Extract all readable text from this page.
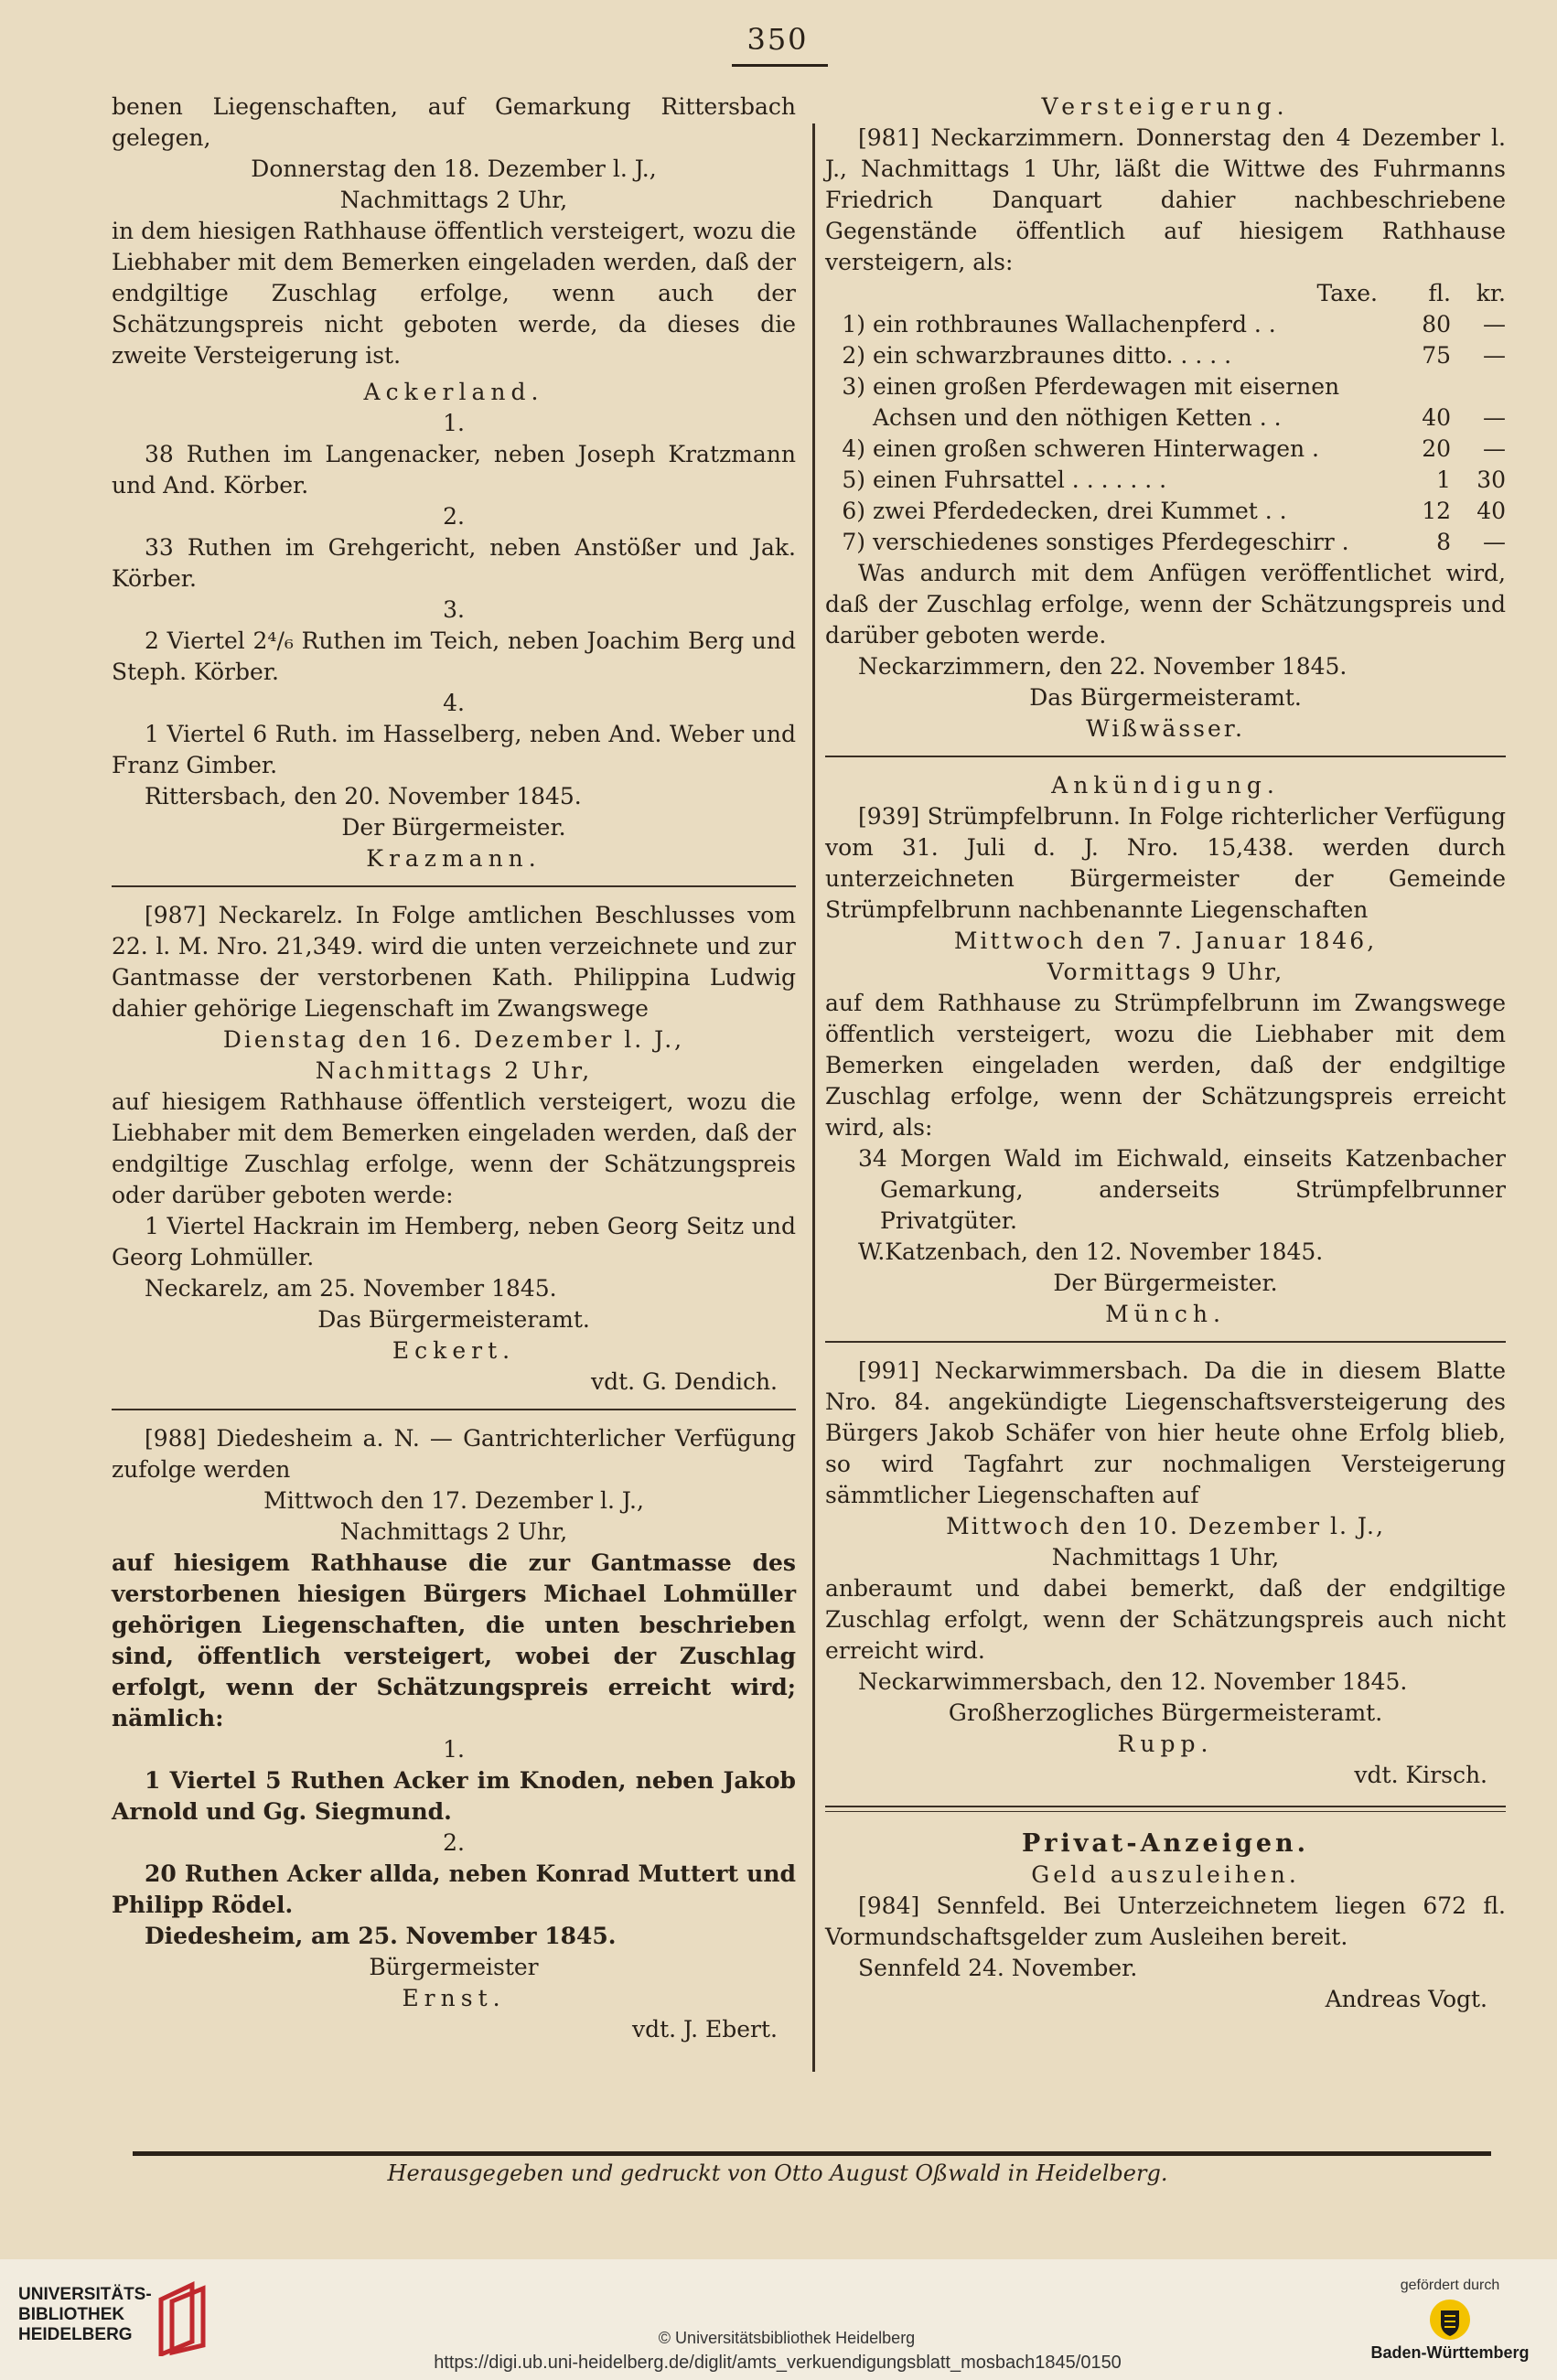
350

benen Liegenschaften, auf Gemarkung Rittersbach gelegen,

Donnerstag den 18. Dezember l. J.,

Nachmittags 2 Uhr,

in dem hiesigen Rathhause öffentlich versteigert, wozu die Liebhaber mit dem Bemerken eingeladen werden, daß der endgiltige Zuschlag erfolge, wenn auch der Schätzungspreis nicht geboten werde, da dieses die zweite Versteigerung ist.

Ackerland.

1.

38 Ruthen im Langenacker, neben Joseph Kratzmann und And. Körber.

2.

33 Ruthen im Grehgericht, neben Anstößer und Jak. Körber.

3.

2 Viertel 2⁴/₆ Ruthen im Teich, neben Joachim Berg und Steph. Körber.

4.

1 Viertel 6 Ruth. im Hasselberg, neben And. Weber und Franz Gimber.

Rittersbach, den 20. November 1845.

Der Bürgermeister.

Krazmann.

[987] Neckarelz. In Folge amtlichen Beschlusses vom 22. l. M. Nro. 21,349. wird die unten verzeichnete und zur Gantmasse der verstorbenen Kath. Philippina Ludwig dahier gehörige Liegenschaft im Zwangswege

Dienstag den 16. Dezember l. J.,

Nachmittags 2 Uhr,

auf hiesigem Rathhause öffentlich versteigert, wozu die Liebhaber mit dem Bemerken eingeladen werden, daß der endgiltige Zuschlag erfolge, wenn der Schätzungspreis oder darüber geboten werde:

1 Viertel Hackrain im Hemberg, neben Georg Seitz und Georg Lohmüller.

Neckarelz, am 25. November 1845.

Das Bürgermeisteramt.

Eckert.

vdt. G. Dendich.

[988] Diedesheim a. N. — Gantrichterlicher Verfügung zufolge werden

Mittwoch den 17. Dezember l. J.,

Nachmittags 2 Uhr,

auf hiesigem Rathhause die zur Gantmasse des verstorbenen hiesigen Bürgers Michael Lohmüller gehörigen Liegenschaften, die unten beschrieben sind, öffentlich versteigert, wobei der Zuschlag erfolgt, wenn der Schätzungspreis erreicht wird; nämlich:

1.

1 Viertel 5 Ruthen Acker im Knoden, neben Jakob Arnold und Gg. Siegmund.

2.

20 Ruthen Acker allda, neben Konrad Muttert und Philipp Rödel.

Diedesheim, am 25. November 1845.

Bürgermeister

Ernst.

vdt. J. Ebert.

Versteigerung.

[981] Neckarzimmern. Donnerstag den 4 Dezember l. J., Nachmittags 1 Uhr, läßt die Wittwe des Fuhrmanns Friedrich Danquart dahier nachbeschriebene Gegenstände öffentlich auf hiesigem Rathhause versteigern, als:

Taxe.	fl.	kr.
1) ein rothbraunes Wallachenpferd . .	80	—
2) ein schwarzbraunes ditto. . . . .	75	—
3) einen großen Pferdewagen mit eisernen
Achsen und den nöthigen Ketten . .	40	—
4) einen großen schweren Hinterwagen .	20	—
5) einen Fuhrsattel . . . . . . .	1	30
6) zwei Pferdedecken, drei Kummet . .	12	40
7) verschiedenes sonstiges Pferdegeschirr .	8	—

Was andurch mit dem Anfügen veröffentlichet wird, daß der Zuschlag erfolge, wenn der Schätzungspreis und darüber geboten werde.

Neckarzimmern, den 22. November 1845.

Das Bürgermeisteramt.

Wißwässer.

Ankündigung.

[939] Strümpfelbrunn. In Folge richterlicher Verfügung vom 31. Juli d. J. Nro. 15,438. werden durch unterzeichneten Bürgermeister der Gemeinde Strümpfelbrunn nachbenannte Liegenschaften

Mittwoch den 7. Januar 1846,

Vormittags 9 Uhr,

auf dem Rathhause zu Strümpfelbrunn im Zwangswege öffentlich versteigert, wozu die Liebhaber mit dem Bemerken eingeladen werden, daß der endgiltige Zuschlag erfolge, wenn der Schätzungspreis erreicht wird, als:

34 Morgen Wald im Eichwald, einseits Katzenbacher Gemarkung, anderseits Strümpfelbrunner Privatgüter.

W.Katzenbach, den 12. November 1845.

Der Bürgermeister.

Münch.

[991] Neckarwimmersbach. Da die in diesem Blatte Nro. 84. angekündigte Liegenschaftsversteigerung des Bürgers Jakob Schäfer von hier heute ohne Erfolg blieb, so wird Tagfahrt zur nochmaligen Versteigerung sämmtlicher Liegenschaften auf

Mittwoch den 10. Dezember l. J.,

Nachmittags 1 Uhr,

anberaumt und dabei bemerkt, daß der endgiltige Zuschlag erfolgt, wenn der Schätzungspreis auch nicht erreicht wird.

Neckarwimmersbach, den 12. November 1845.

Großherzogliches Bürgermeisteramt.

Rupp.

vdt. Kirsch.

Privat-Anzeigen.

Geld auszuleihen.

[984] Sennfeld. Bei Unterzeichnetem liegen 672 fl. Vormundschaftsgelder zum Ausleihen bereit.

Sennfeld 24. November.

Andreas Vogt.

Herausgegeben und gedruckt von Otto August Oßwald in Heidelberg.
UNIVERSITÄTS-
BIBLIOTHEK
HEIDELBERG	© Universitätsbibliothek Heidelberg
https://digi.ub.uni-heidelberg.de/diglit/amts_verkuendigungsblatt_mosbach1845/0150
gefördert durch
Baden-Württemberg
